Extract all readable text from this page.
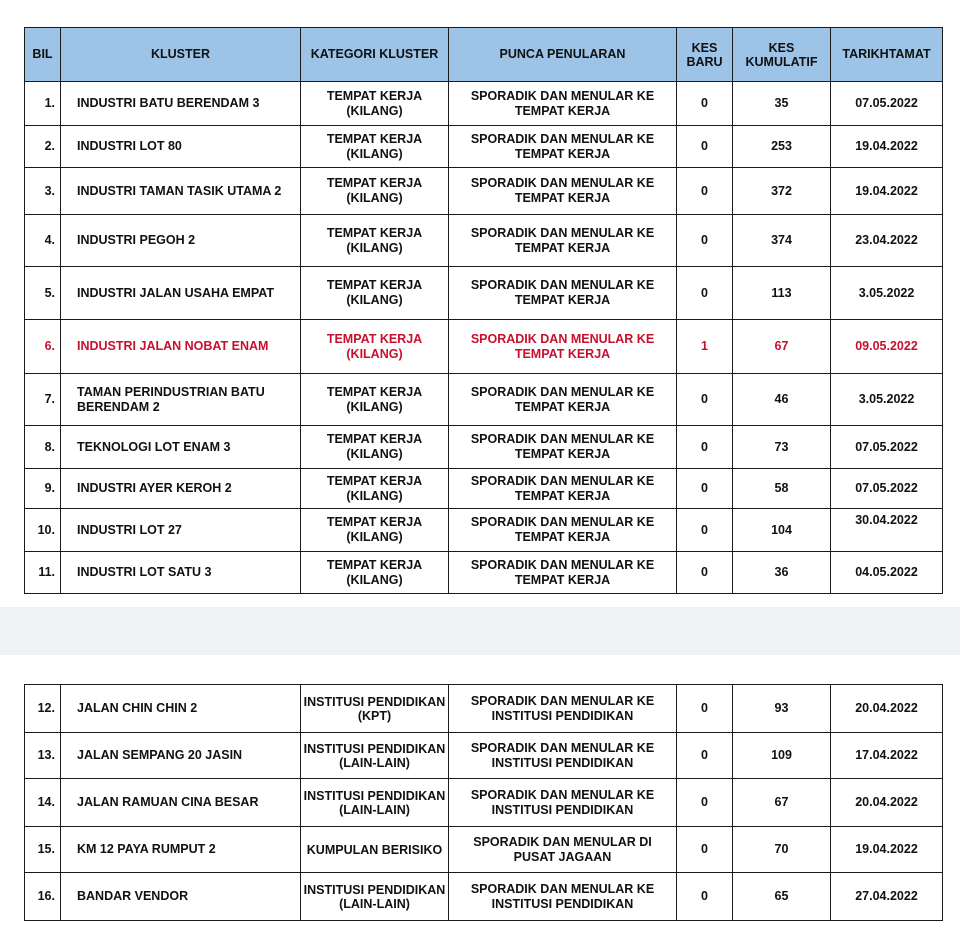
BIL	KLUSTER	KATEGORI KLUSTER	PUNCA PENULARAN	KES BARU	KES KUMULATIF	TARIKHTAMAT
1.	INDUSTRI BATU BERENDAM 3	TEMPAT KERJA (KILANG)	SPORADIK DAN MENULAR KE TEMPAT KERJA	0	35	07.05.2022
2.	INDUSTRI LOT 80	TEMPAT KERJA (KILANG)	SPORADIK DAN MENULAR KE TEMPAT KERJA	0	253	19.04.2022
3.	INDUSTRI TAMAN TASIK UTAMA 2	TEMPAT KERJA (KILANG)	SPORADIK DAN MENULAR KE TEMPAT KERJA	0	372	19.04.2022
4.	INDUSTRI PEGOH 2	TEMPAT KERJA (KILANG)	SPORADIK DAN MENULAR KE TEMPAT KERJA	0	374	23.04.2022
5.	INDUSTRI JALAN USAHA EMPAT	TEMPAT KERJA (KILANG)	SPORADIK DAN MENULAR KE TEMPAT KERJA	0	113	3.05.2022
6.	INDUSTRI JALAN NOBAT ENAM	TEMPAT KERJA (KILANG)	SPORADIK DAN MENULAR KE TEMPAT KERJA	1	67	09.05.2022
7.	TAMAN PERINDUSTRIAN BATU BERENDAM 2	TEMPAT KERJA (KILANG)	SPORADIK DAN MENULAR KE TEMPAT KERJA	0	46	3.05.2022
8.	TEKNOLOGI LOT ENAM 3	TEMPAT KERJA (KILANG)	SPORADIK DAN MENULAR KE TEMPAT KERJA	0	73	07.05.2022
9.	INDUSTRI AYER KEROH 2	TEMPAT KERJA (KILANG)	SPORADIK DAN MENULAR KE TEMPAT KERJA	0	58	07.05.2022
10.	INDUSTRI LOT 27	TEMPAT KERJA (KILANG)	SPORADIK DAN MENULAR KE TEMPAT KERJA	0	104	30.04.2022
11.	INDUSTRI LOT SATU 3	TEMPAT KERJA (KILANG)	SPORADIK DAN MENULAR KE TEMPAT KERJA	0	36	04.05.2022
12.	JALAN CHIN CHIN 2	INSTITUSI PENDIDIKAN (KPT)	SPORADIK DAN MENULAR KE INSTITUSI PENDIDIKAN	0	93	20.04.2022
13.	JALAN SEMPANG 20 JASIN	INSTITUSI PENDIDIKAN (LAIN-LAIN)	SPORADIK DAN MENULAR KE INSTITUSI PENDIDIKAN	0	109	17.04.2022
14.	JALAN RAMUAN CINA BESAR	INSTITUSI PENDIDIKAN (LAIN-LAIN)	SPORADIK DAN MENULAR KE INSTITUSI PENDIDIKAN	0	67	20.04.2022
15.	KM 12 PAYA RUMPUT 2	KUMPULAN BERISIKO	SPORADIK DAN MENULAR DI PUSAT JAGAAN	0	70	19.04.2022
16.	BANDAR VENDOR	INSTITUSI PENDIDIKAN (LAIN-LAIN)	SPORADIK DAN MENULAR KE INSTITUSI PENDIDIKAN	0	65	27.04.2022
